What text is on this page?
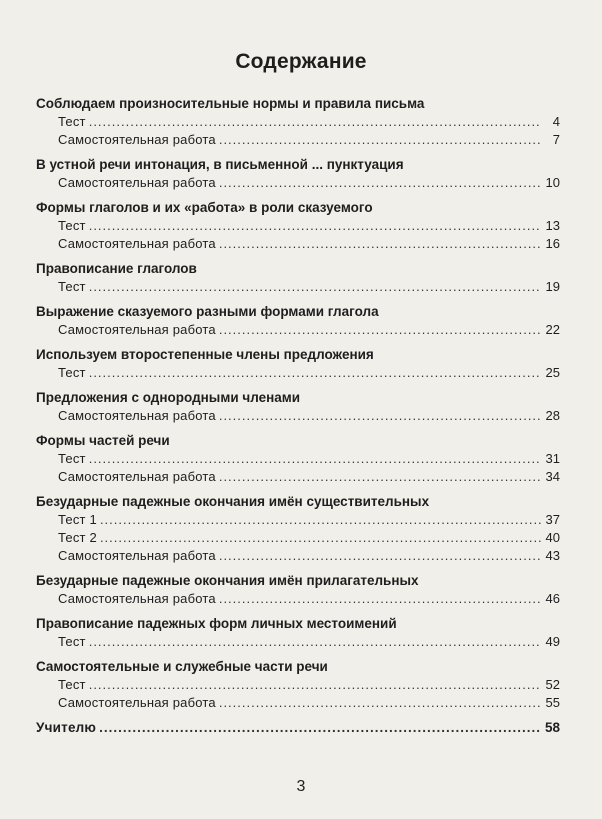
Содержание
Соблюдаем произносительные нормы и правила письма
Тест .....	4
Самостоятельная работа .....	7
В устной речи интонация, в письменной ... пунктуация
Самостоятельная работа .....	10
Формы глаголов и их «работа» в роли сказуемого
Тест .....	13
Самостоятельная работа .....	16
Правописание глаголов
Тест .....	19
Выражение сказуемого разными формами глагола
Самостоятельная работа .....	22
Используем второстепенные члены предложения
Тест .....	25
Предложения с однородными членами
Самостоятельная работа .....	28
Формы частей речи
Тест .....	31
Самостоятельная работа .....	34
Безударные падежные окончания имён существительных
Тест 1 .....	37
Тест 2 .....	40
Самостоятельная работа .....	43
Безударные падежные окончания имён прилагательных
Самостоятельная работа .....	46
Правописание падежных форм личных местоимений
Тест .....	49
Самостоятельные и служебные части речи
Тест .....	52
Самостоятельная работа .....	55
Учителю .....	58
3
